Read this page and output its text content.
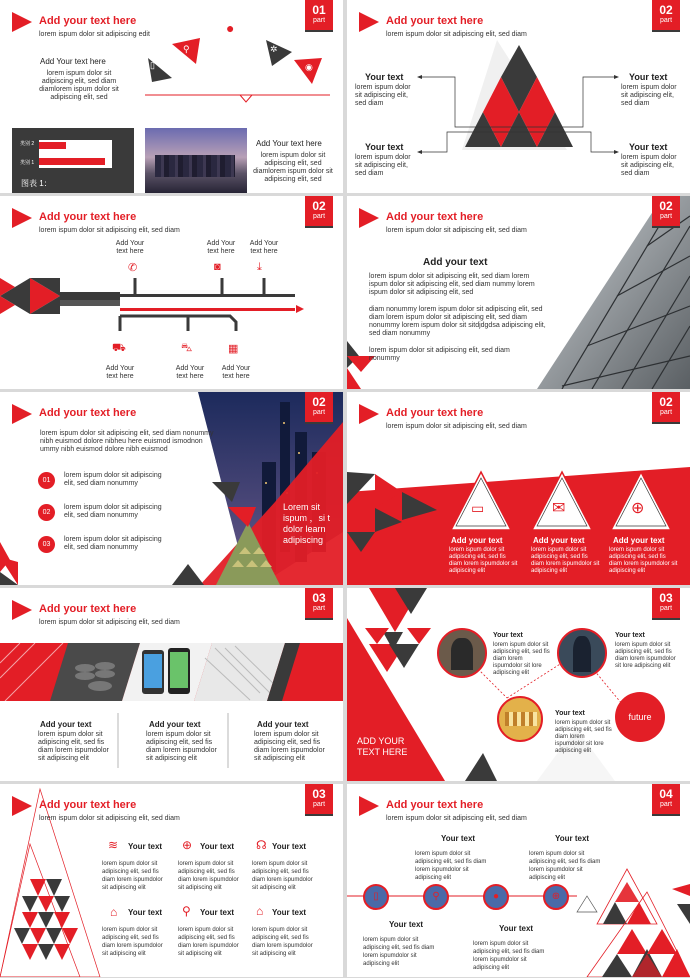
Add your text here
lorem ispum dolor sit adipiscing edit
01
part
Add Your text here
lorem ispum dolor sit adipiscing elit, sed diam diamlorem ispum dolor sit adipiscing elit, sed
▯
⚲
●
✲
◉
类别 2
类别 1
图表 1：
Add Your text here
lorem ispum dolor sit adipiscing elit, sed diamlorem ispum dolor sit adipiscing elit, sed
Add your text here
lorem ispum dolor sit adipiscing elit, sed diam
02
part
Your text
lorem ispum dolor sit adipiscing elit, sed diam
Your text
lorem ispum dolor sit adipiscing elit, sed diam
Your text
lorem ispum dolor sit adipiscing elit, sed diam
Your text
lorem ispum dolor sit adipiscing elit, sed diam
Add your text here
lorem ispum dolor sit adipiscing elit, sed diam
02
part
Add Your text here
Add Your text here
Add Your text here
✆	◙	⤓
⛟	⛍	▦
Add Your text here
Add Your text here
Add Your text here
Add your text here
lorem ispum dolor sit adipiscing elit, sed diam
02
part
Add your text
lorem ispum dolor sit adipiscing elit, sed diam lorem ispum dolor sit adipiscing elit, sed diam nummy lorem ispum dolor sit adipiscing elit, sed
diam nonummy lorem ispum dolor sit adipiscing elit, sed diam lorem ispum dolor sit adipiscing elit, sed diam nonummy lorem ispum dolor sit sitdjdgdsa adipiscing elit, sed diam nonummy
lorem ispum dolor sit adipiscing elit, sed diam nonummy
Add your text here
02
part
lorem ispum dolor sit adipiscing elit, sed diam nonummy nibh euismod dolore nibheu here euismod ismodnon ummy nibh euismod dolore nibh euismod
01
lorem ispum dolor sit adipiscing elit, sed diam nonummy
02
lorem ispum dolor sit adipiscing elit, sed diam nonummy
03
lorem ispum dolor sit adipiscing elit, sed diam nonummy
Lorem sit ispum ，si t dolor learn adipiscing
Add your text here
lorem ispum dolor sit adipiscing elit, sed diam
02
part
▭	✉	⊕
Add your text
lorem ispum dolor sit adipiscing elit, sed fis diam lorem ispumdolor sit adipiscing elit
Add your text
lorem ispum dolor sit adipiscing elit, sed fis diam lorem ispumdolor sit adipiscing elit
Add your text
lorem ispum dolor sit adipiscing elit, sed fis diam lorem ispumdolor sit adipiscing elit
Add your text here
lorem ispum dolor sit adipiscing elit, sed diam
03
part
Add your text
lorem ispum dolor sit adipiscing elit, sed fis diam lorem ispumdolor sit adipiscing elit
Add your text
lorem ispum dolor sit adipiscing elit, sed fis diam lorem ispumdolor sit adipiscing elit
Add your text
lorem ispum dolor sit adipiscing elit, sed fis diam lorem ispumdolor sit adipiscing elit
future
03
part
Your text
lorem ispum dolor sit adipiscing elit, sed fis diam lorem ispumdolor sit lore adipiscing elit
Your text
lorem ispum dolor sit adipiscing elit, sed fis diam lorem ispumdolor sit lore adipiscing elit
Your text
lorem ispum dolor sit adipiscing elit, sed fis diam lorem ispumdolor sit lore adipiscing elit
ADD YOUR TEXT HERE
Add your text here
lorem ispum dolor sit adipiscing elit, sed diam
03
part
≋ Your text
lorem ispum dolor sit adipiscing elit, sed fis diam lorem ispumdolor sit adipiscing elit
⊕ Your text
lorem ispum dolor sit adipiscing elit, sed fis diam lorem ispumdolor sit adipiscing elit
☊ Your text
lorem ispum dolor sit adipiscing elit, sed fis diam lorem ispumdolor sit adipiscing elit
⌂ Your text
lorem ispum dolor sit adipiscing elit, sed fis diam lorem ispumdolor sit adipiscing elit
⚲ Your text
lorem ispum dolor sit adipiscing elit, sed fis diam lorem ispumdolor sit adipiscing elit
⌂ Your text
lorem ispum dolor sit adipiscing elit, sed fis diam lorem ispumdolor sit adipiscing elit
Add your text here
lorem ispum dolor sit adipiscing elit, sed diam
04
part
▯	⚲	●	⊕
Your text
lorem ispum dolor sit adipiscing elit, sed fis diam lorem ispumdolor sit adipiscing elit
Your text
lorem ispum dolor sit adipiscing elit, sed fis diam lorem ispumdolor sit adipiscing elit
Your text
lorem ispum dolor sit adipiscing elit, sed fis diam lorem ispumdolor sit adipiscing elit
Your text
lorem ispum dolor sit adipiscing elit, sed fis diam lorem ispumdolor sit adipiscing elit
